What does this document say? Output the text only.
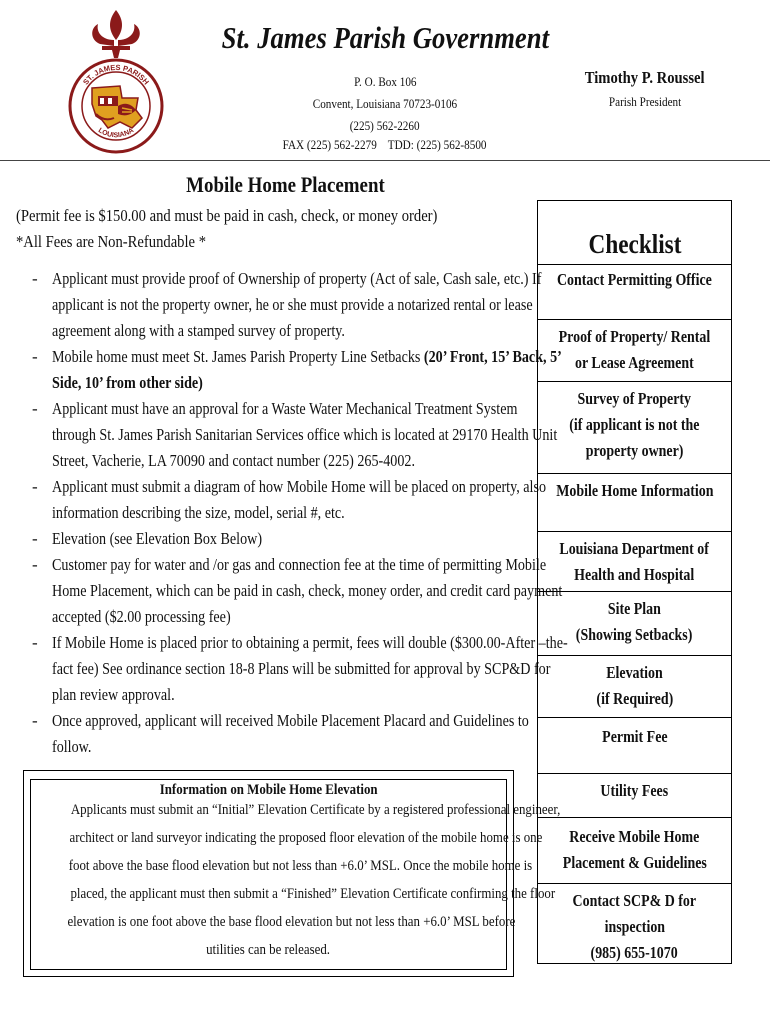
ST. JAMES PARISH
LOUISIANA
St. James Parish Government
P. O. Box 106
Convent, Louisiana 70723-0106
(225) 562-2260
FAX (225) 562-2279    TDD: (225) 562-8500
Timothy P. Roussel
Parish President
Mobile Home Placement
(Permit fee is $150.00 and must be paid in cash, check, or money order)
*All Fees are Non-Refundable *
- Applicant must provide proof of Ownership of property (Act of sale, Cash sale, etc.) If
applicant is not the property owner, he or she must provide a notarized rental or lease
agreement along with a stamped survey of property.
- Mobile home must meet St. James Parish Property Line Setbacks (20’ Front, 15’ Back, 5’
Side, 10’ from other side)
- Applicant must have an approval for a Waste Water Mechanical Treatment System
through St. James Parish Sanitarian Services office which is located at 29170 Health Unit
Street, Vacherie, LA 70090 and contact number (225) 265-4002.
- Applicant must submit a diagram of how Mobile Home will be placed on property, also
information describing the size, model, serial #, etc.
- Elevation (see Elevation Box Below)
- Customer pay for water and /or gas and connection fee at the time of permitting Mobile
Home Placement, which can be paid in cash, check, money order, and credit card payment
accepted ($2.00 processing fee)
- If Mobile Home is placed prior to obtaining a permit, fees will double ($300.00-After –the-
fact fee) See ordinance section 18-8 Plans will be submitted for approval by SCP&D for
plan review approval.
- Once approved, applicant will received Mobile Placement Placard and Guidelines to
follow.
Information on Mobile Home Elevation
Applicants must submit an “Initial” Elevation Certificate by a registered professional engineer,
architect or land surveyor indicating the proposed floor elevation of the mobile home is one
foot above the base flood elevation but not less than +6.0’ MSL. Once the mobile home is
placed, the applicant must then submit a “Finished” Elevation Certificate confirming the floor
elevation is one foot above the base flood elevation but not less than +6.0’ MSL before
utilities can be released.
Checklist
Contact Permitting Office
Proof of Property/ Rental
or Lease Agreement
Survey of Property
(if applicant is not the
property owner)
Mobile Home Information
Louisiana Department of
Health and Hospital
Site Plan
(Showing Setbacks)
Elevation
(if Required)
Permit Fee
Utility Fees
Receive Mobile Home
Placement & Guidelines
Contact SCP& D for
inspection
(985) 655-1070
